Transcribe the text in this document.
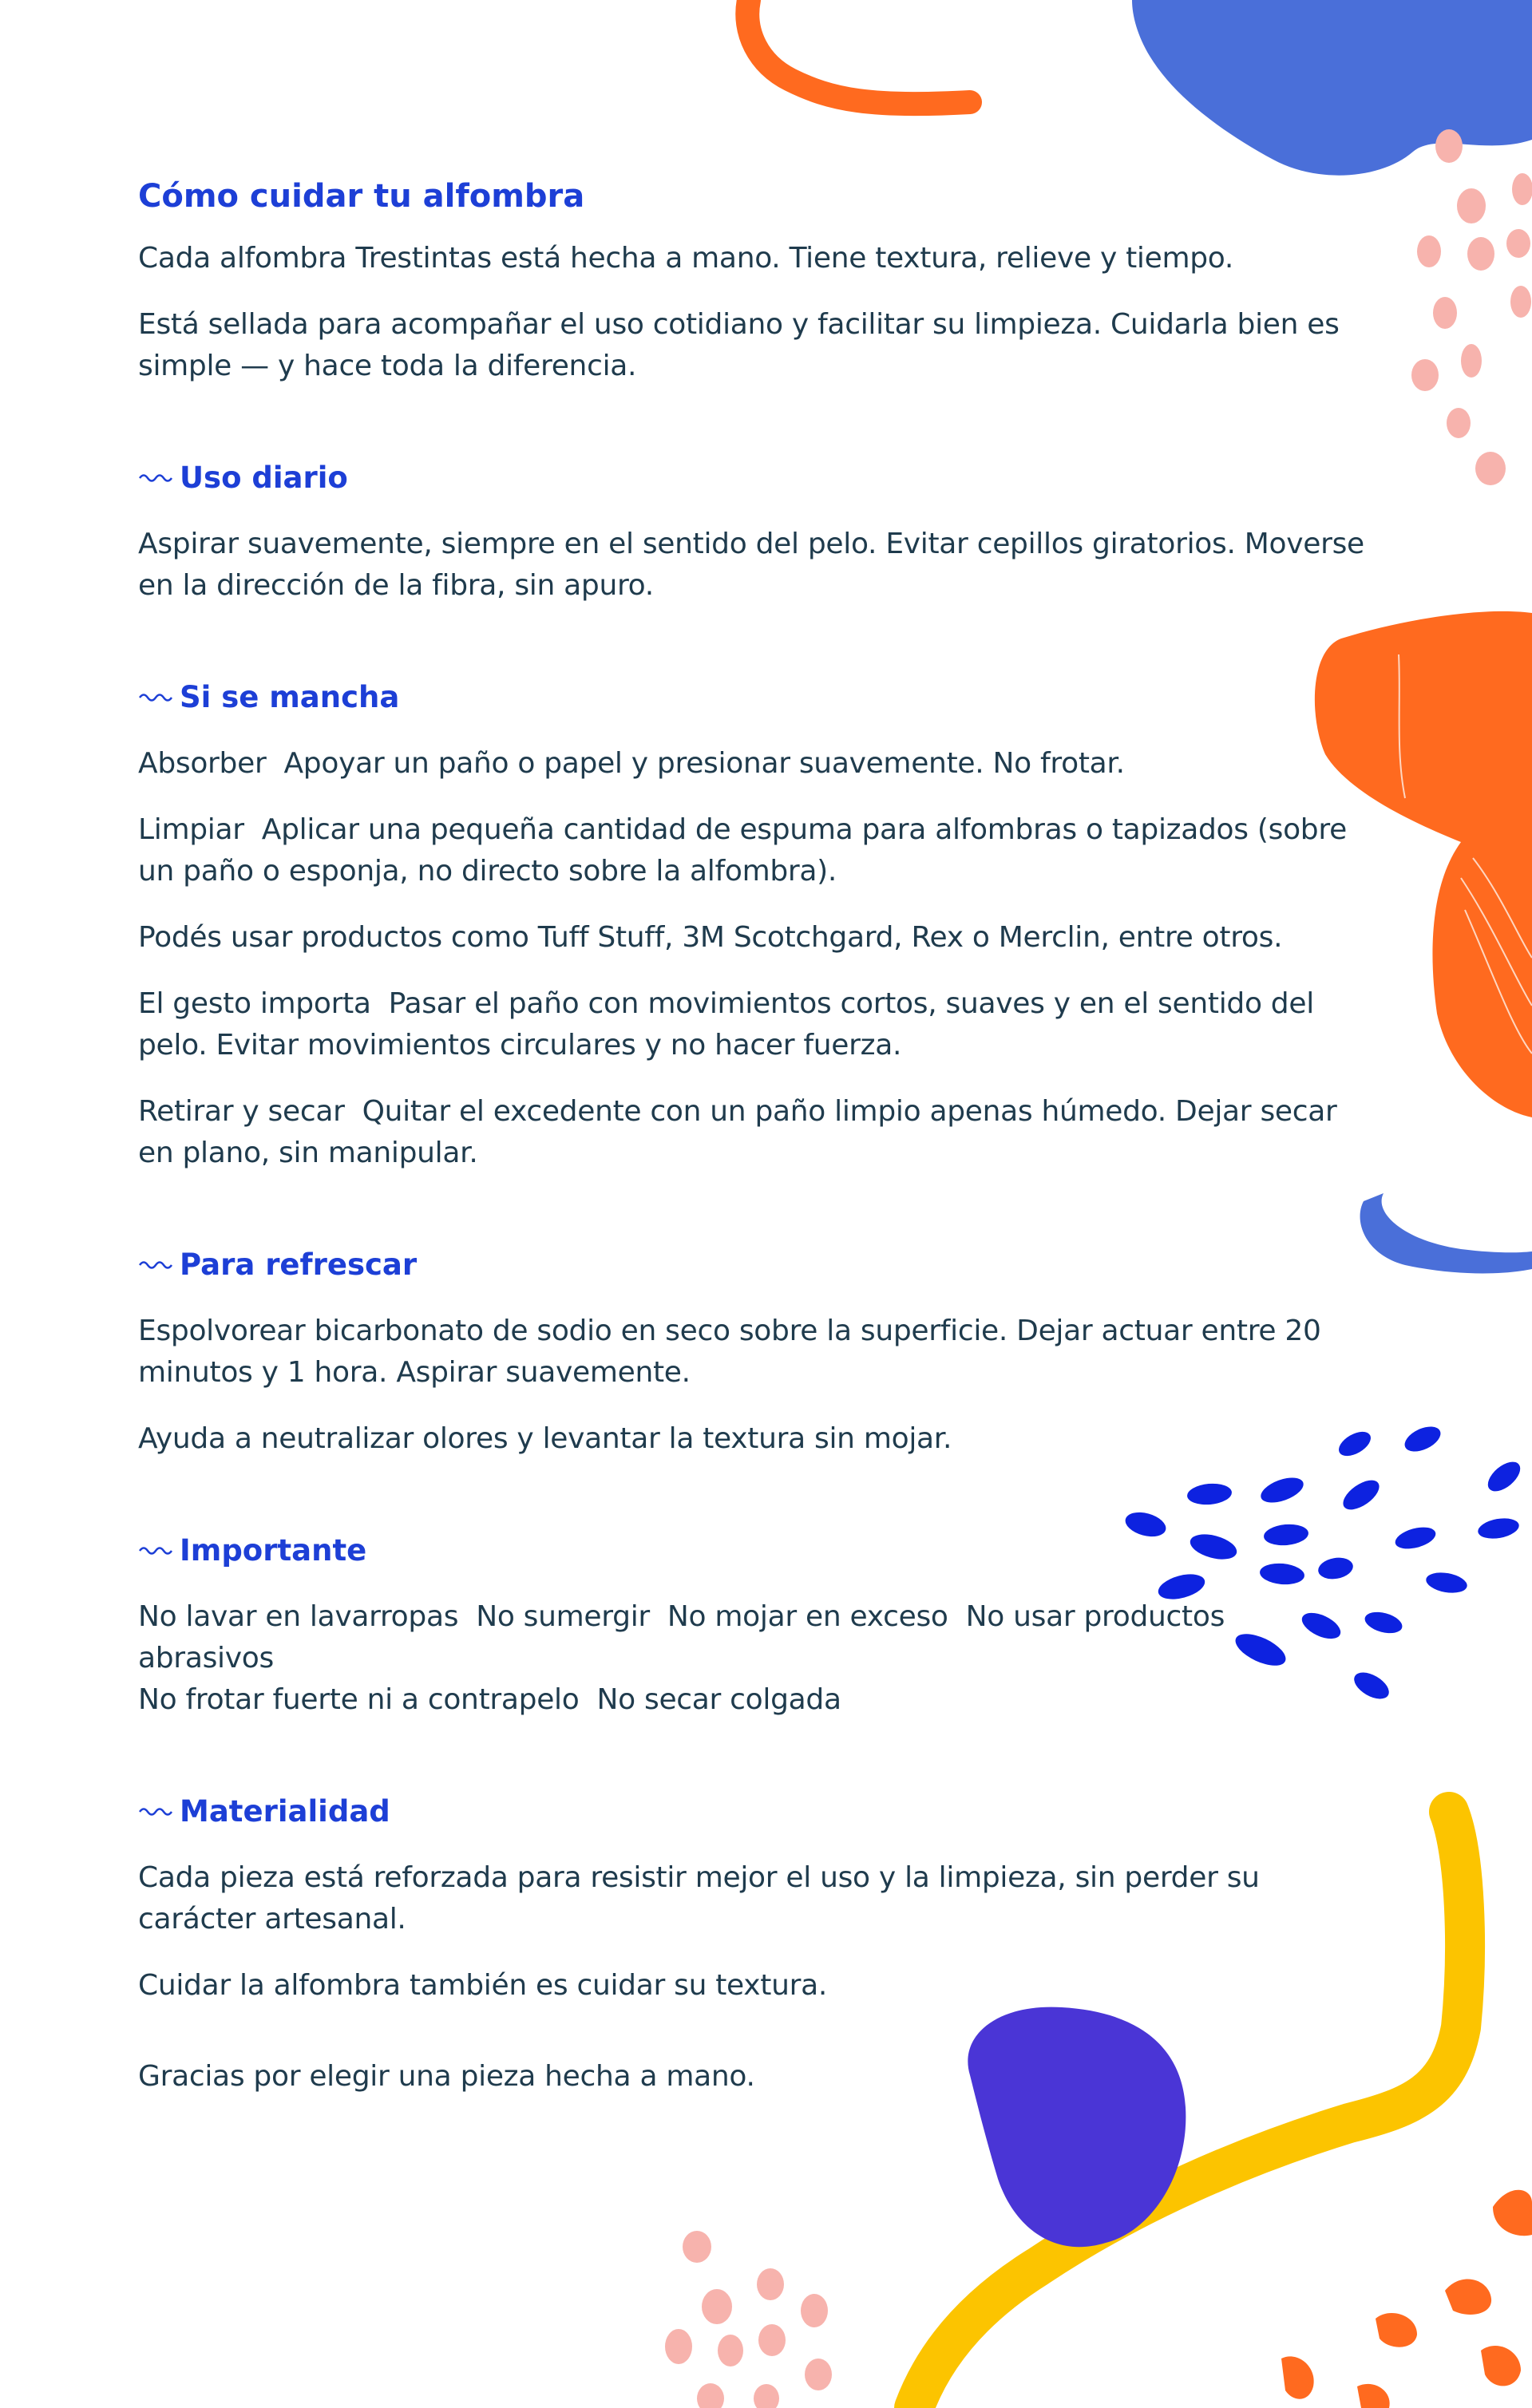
Cómo cuidar tu alfombra

Cada alfombra Trestintas está hecha a mano. Tiene textura, relieve y tiempo.

Está sellada para acompañar el uso cotidiano y facilitar su limpieza. Cuidarla bien es simple — y hace toda la diferencia.

Uso diario

Aspirar suavemente, siempre en el sentido del pelo. Evitar cepillos giratorios. Moverse en la dirección de la fibra, sin apuro.

Si se mancha

Absorber Apoyar un paño o papel y presionar suavemente. No frotar.

Limpiar Aplicar una pequeña cantidad de espuma para alfombras o tapizados (sobre un paño o esponja, no directo sobre la alfombra).

Podés usar productos como Tuff Stuff, 3M Scotchgard, Rex o Merclin, entre otros.

El gesto importa Pasar el paño con movimientos cortos, suaves y en el sentido del pelo. Evitar movimientos circulares y no hacer fuerza.

Retirar y secar Quitar el excedente con un paño limpio apenas húmedo. Dejar secar en plano, sin manipular.

Para refrescar

Espolvorear bicarbonato de sodio en seco sobre la superficie. Dejar actuar entre 20 minutos y 1 hora. Aspirar suavemente.

Ayuda a neutralizar olores y levantar la textura sin mojar.

Importante

No lavar en lavarropas No sumergir No mojar en exceso No usar productos abrasivos
No frotar fuerte ni a contrapelo No secar colgada

Materialidad

Cada pieza está reforzada para resistir mejor el uso y la limpieza, sin perder su carácter artesanal.

Cuidar la alfombra también es cuidar su textura.

Gracias por elegir una pieza hecha a mano.
